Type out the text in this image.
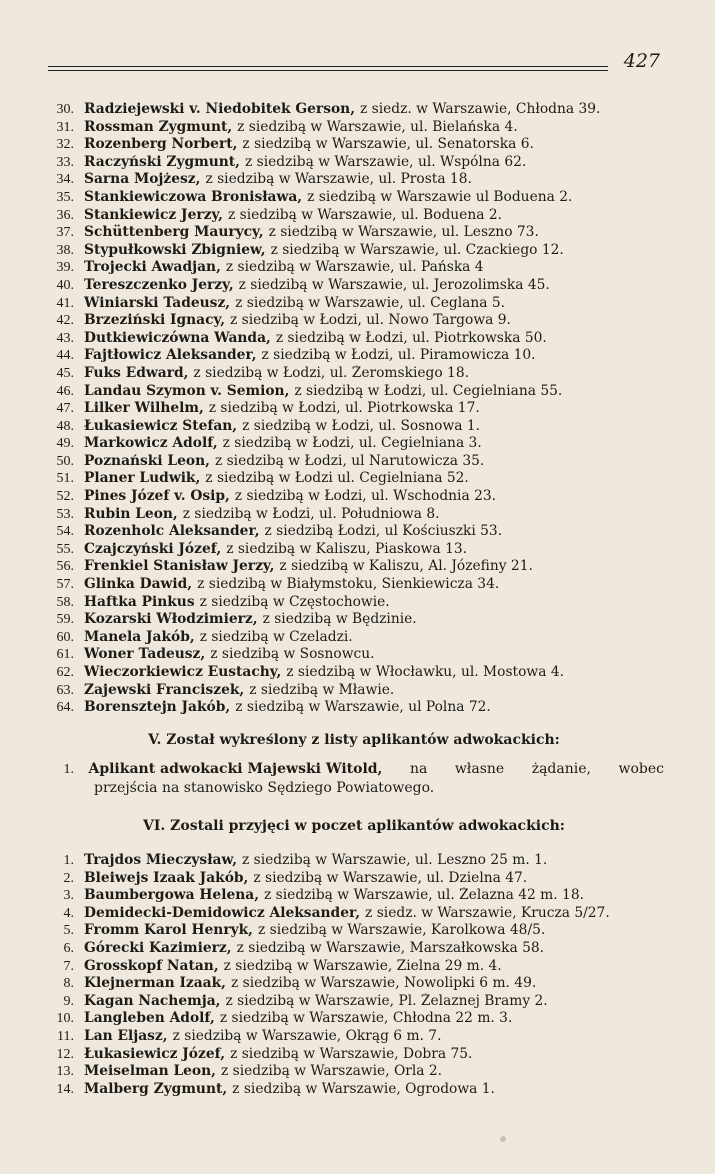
427
30. Radziejewski v. Niedobitek Gerson, z siedz. w Warszawie, Chłodna 39.
31. Rossman Zygmunt, z siedzibą w Warszawie, ul. Bielańska 4.
32. Rozenberg Norbert, z siedzibą w Warszawie, ul. Senatorska 6.
33. Raczyński Zygmunt, z siedzibą w Warszawie, ul. Wspólna 62.
34. Sarna Mojżesz, z siedzibą w Warszawie, ul. Prosta 18.
35. Stankiewiczowa Bronisława, z siedzibą w Warszawie ul Boduena 2.
36. Stankiewicz Jerzy, z siedzibą w Warszawie, ul. Boduena 2.
37. Schüttenberg Maurycy, z siedzibą w Warszawie, ul. Leszno 73.
38. Stypułkowski Zbigniew, z siedzibą w Warszawie, ul. Czackiego 12.
39. Trojecki Awadjan, z siedzibą w Warszawie, ul. Pańska 4
40. Tereszczenko Jerzy, z siedzibą w Warszawie, ul. Jerozolimska 45.
41. Winiarski Tadeusz, z siedzibą w Warszawie, ul. Ceglana 5.
42. Brzeziński Ignacy, z siedzibą w Łodzi, ul. Nowo Targowa 9.
43. Dutkiewiczówna Wanda, z siedzibą w Łodzi, ul. Piotrkowska 50.
44. Fajtłowicz Aleksander, z siedzibą w Łodzi, ul. Piramowicza 10.
45. Fuks Edward, z siedzibą w Łodzi, ul. Żeromskiego 18.
46. Landau Szymon v. Semion, z siedzibą w Łodzi, ul. Cegielniana 55.
47. Lilker Wilhelm, z siedzibą w Łodzi, ul. Piotrkowska 17.
48. Łukasiewicz Stefan, z siedzibą w Łodzi, ul. Sosnowa 1.
49. Markowicz Adolf, z siedzibą w Łodzi, ul. Cegielniana 3.
50. Poznański Leon, z siedzibą w Łodzi, ul Narutowicza 35.
51. Planer Ludwik, z siedzibą w Łodzi ul. Cegielniana 52.
52. Pines Józef v. Osip, z siedzibą w Łodzi, ul. Wschodnia 23.
53. Rubin Leon, z siedzibą w Łodzi, ul. Południowa 8.
54. Rozenholc Aleksander, z siedzibą Łodzi, ul Kościuszki 53.
55. Czajczyński Józef, z siedzibą w Kaliszu, Piaskowa 13.
56. Frenkiel Stanisław Jerzy, z siedzibą w Kaliszu, Al. Józefiny 21.
57. Glinka Dawid, z siedzibą w Białymstoku, Sienkiewicza 34.
58. Haftka Pinkus z siedzibą w Częstochowie.
59. Kozarski Włodzimierz, z siedzibą w Będzinie.
60. Manela Jakób, z siedzibą w Czeladzi.
61. Woner Tadeusz, z siedzibą w Sosnowcu.
62. Wieczorkiewicz Eustachy, z siedzibą w Włocławku, ul. Mostowa 4.
63. Zajewski Franciszek, z siedzibą w Mławie.
64. Borensztejn Jakób, z siedzibą w Warszawie, ul Polna 72.
V. Został wykreślony z listy aplikantów adwokackich:
1. Aplikant adwokacki Majewski Witold, na własne żądanie, wobec
przejścia na stanowisko Sędziego Powiatowego.
VI. Zostali przyjęci w poczet aplikantów adwokackich:
1. Trajdos Mieczysław, z siedzibą w Warszawie, ul. Leszno 25 m. 1.
2. Bleiwejs Izaak Jakób, z siedzibą w Warszawie, ul. Dzielna 47.
3. Baumbergowa Helena, z siedzibą w Warszawie, ul. Żelazna 42 m. 18.
4. Demidecki-Demidowicz Aleksander, z siedz. w Warszawie, Krucza 5/27.
5. Fromm Karol Henryk, z siedzibą w Warszawie, Karolkowa 48/5.
6. Górecki Kazimierz, z siedzibą w Warszawie, Marszałkowska 58.
7. Grosskopf Natan, z siedzibą w Warszawie, Zielna 29 m. 4.
8. Klejnerman Izaak, z siedzibą w Warszawie, Nowolipki 6 m. 49.
9. Kagan Nachemja, z siedzibą w Warszawie, Pl. Żelaznej Bramy 2.
10. Langleben Adolf, z siedzibą w Warszawie, Chłodna 22 m. 3.
11. Lan Eljasz, z siedzibą w Warszawie, Okrąg 6 m. 7.
12. Łukasiewicz Józef, z siedzibą w Warszawie, Dobra 75.
13. Meiselman Leon, z siedzibą w Warszawie, Orla 2.
14. Malberg Zygmunt, z siedzibą w Warszawie, Ogrodowa 1.
